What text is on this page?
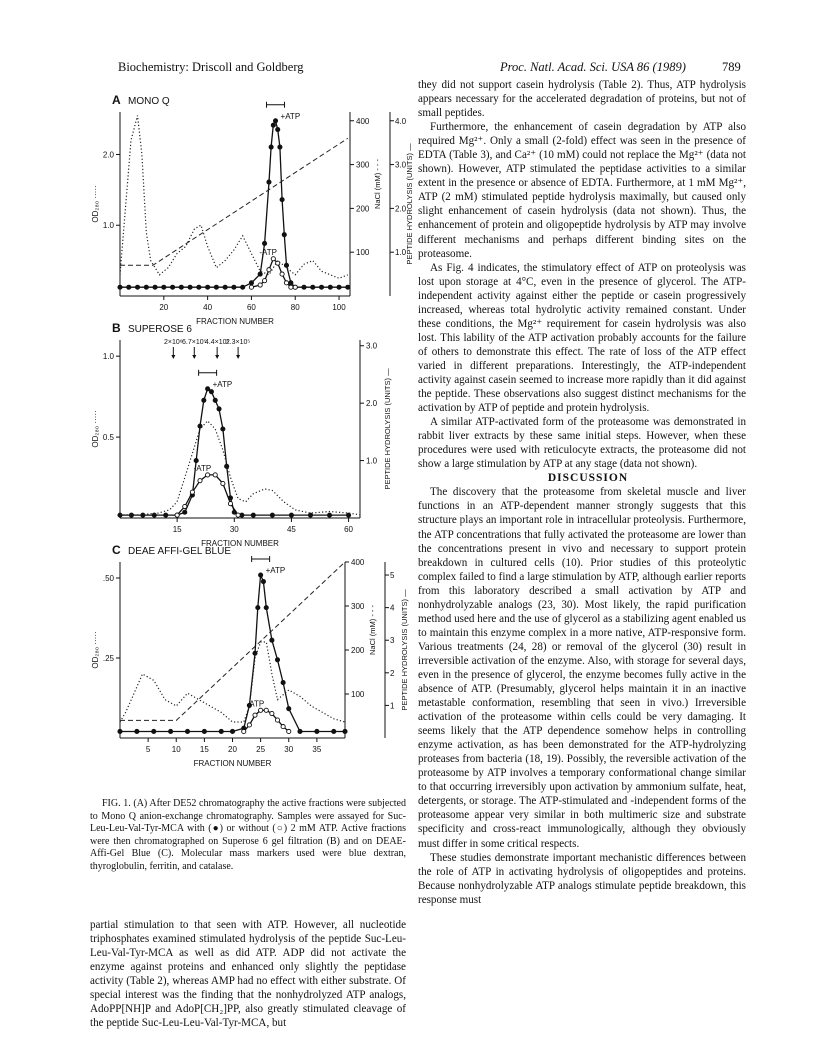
Biochemistry: Driscoll and Goldberg	Proc. Natl. Acad. Sci. USA 86 (1989)	789
A MONO Q
20	40	60	80	100
FRACTION NUMBER
1.0
2.0
OD₂₈₀ ·····
100
200
300
400
NaCl (mM) - - -
1.0
2.0
3.0
4.0
PEPTIDE HYDROLYSIS (UNITS) —
+ATP
-ATP
B SUPEROSE 6
15	30	45	60
FRACTION NUMBER
0.5
1.0
OD₂₈₀ ·····
1.0
2.0
3.0
PEPTIDE HYDROLYSIS (UNITS) —
+ATP
-ATP
2×10⁶ 6.7×10⁵
4.4×10⁵
2.3×10⁵
C DEAE AFFI-GEL BLUE
5	10 15 20 25 30 35
FRACTION NUMBER
.25
.50
OD₂₈₀ ·····
100
200
300
400
NaCl (mM) - - -
1
2
3
4
5
PEPTIDE HYDROLYSIS (UNITS) —
+ATP
-ATP

FIG. 1. (A) After DE52 chromatography the active fractions were subjected to Mono Q anion-exchange chromatography. Samples were assayed for Suc-Leu-Leu-Val-Tyr-MCA with (●) or without (○) 2 mM ATP. Active fractions were then chromatographed on Superose 6 gel filtration (B) and on DEAE-Affi-Gel Blue (C). Molecular mass markers used were blue dextran, thyroglobulin, ferritin, and catalase.

partial stimulation to that seen with ATP. However, all nucleotide triphosphates examined stimulated hydrolysis of the peptide Suc-Leu-Leu-Val-Tyr-MCA as well as did ATP. ADP did not activate the enzyme against proteins and enhanced only slightly the peptidase activity (Table 2), whereas AMP had no effect with either substrate. Of special interest was the finding that the nonhydrolyzed ATP analogs, AdoPP[NH]P and AdoP[CH₂]PP, also greatly stimulated cleavage of the peptide Suc-Leu-Leu-Val-Tyr-MCA, but

they did not support casein hydrolysis (Table 2). Thus, ATP hydrolysis appears necessary for the accelerated degradation of proteins, but not of small peptides.

Furthermore, the enhancement of casein degradation by ATP also required Mg²⁺. Only a small (2-fold) effect was seen in the presence of EDTA (Table 3), and Ca²⁺ (10 mM) could not replace the Mg²⁺ (data not shown). However, ATP stimulated the peptidase activities to a similar extent in the presence or absence of EDTA. Furthermore, at 1 mM Mg²⁺, ATP (2 mM) stimulated peptide hydrolysis maximally, but caused only slight enhancement of casein hydrolysis (data not shown). Thus, the enhancement of protein and oligopeptide hydrolysis by ATP may involve different mechanisms and perhaps different binding sites on the proteasome.

As Fig. 4 indicates, the stimulatory effect of ATP on proteolysis was lost upon storage at 4°C, even in the presence of glycerol. The ATP-independent activity against either the peptide or casein progressively increased, whereas total hydrolytic activity remained constant. Under these conditions, the Mg²⁺ requirement for casein hydrolysis was also lost. This lability of the ATP activation probably accounts for the failure of others to demonstrate this effect. The rate of loss of the ATP effect varied in different preparations. Interestingly, the ATP-independent activity against casein seemed to increase more rapidly than it did against the peptide. These observations also suggest distinct mechanisms for the activation by ATP of peptide and protein hydrolysis.

A similar ATP-activated form of the proteasome was demonstrated in rabbit liver extracts by these same initial steps. However, when these procedures were used with reticulocyte extracts, the proteasome did not show a large stimulation by ATP at any stage (data not shown).

DISCUSSION

The discovery that the proteasome from skeletal muscle and liver functions in an ATP-dependent manner strongly suggests that this structure plays an important role in intracellular proteolysis. Furthermore, the ATP concentrations that fully activated the proteasome are lower than the concentrations present in vivo and necessary to support protein breakdown in cultured cells (10). Prior studies of this proteolytic complex failed to find a large stimulation by ATP, although earlier reports from this laboratory described a small activation by ATP and nonhydrolyzable analogs (23, 30). Most likely, the rapid purification method used here and the use of glycerol as a stabilizing agent enabled us to maintain this enzyme complex in a more native, ATP-responsive form. Various treatments (24, 28) or removal of the glycerol (30) result in irreversible activation of the enzyme. Also, with storage for several days, even in the presence of glycerol, the enzyme becomes fully active in the absence of ATP. (Presumably, glycerol helps maintain it in an inactive metastable conformation, resembling that seen in vivo.) Irreversible activation of the proteasome within cells could be very damaging. It seems likely that the ATP dependence somehow helps in controlling enzyme activation, as has been demonstrated for the ATP-hydrolyzing proteases from bacteria (18, 19). Possibly, the reversible activation of the proteasome by ATP involves a temporary conformational change similar to that occurring irreversibly upon activation by ammonium sulfate, heat, detergents, or storage. The ATP-stimulated and -independent forms of the proteasome appear very similar in both multimeric size and substrate specificity and cross-react immunologically, although they obviously must differ in some critical respects.

These studies demonstrate important mechanistic differences between the role of ATP in activating hydrolysis of oligopeptides and proteins. Because nonhydrolyzable ATP analogs stimulate peptide breakdown, this response must
